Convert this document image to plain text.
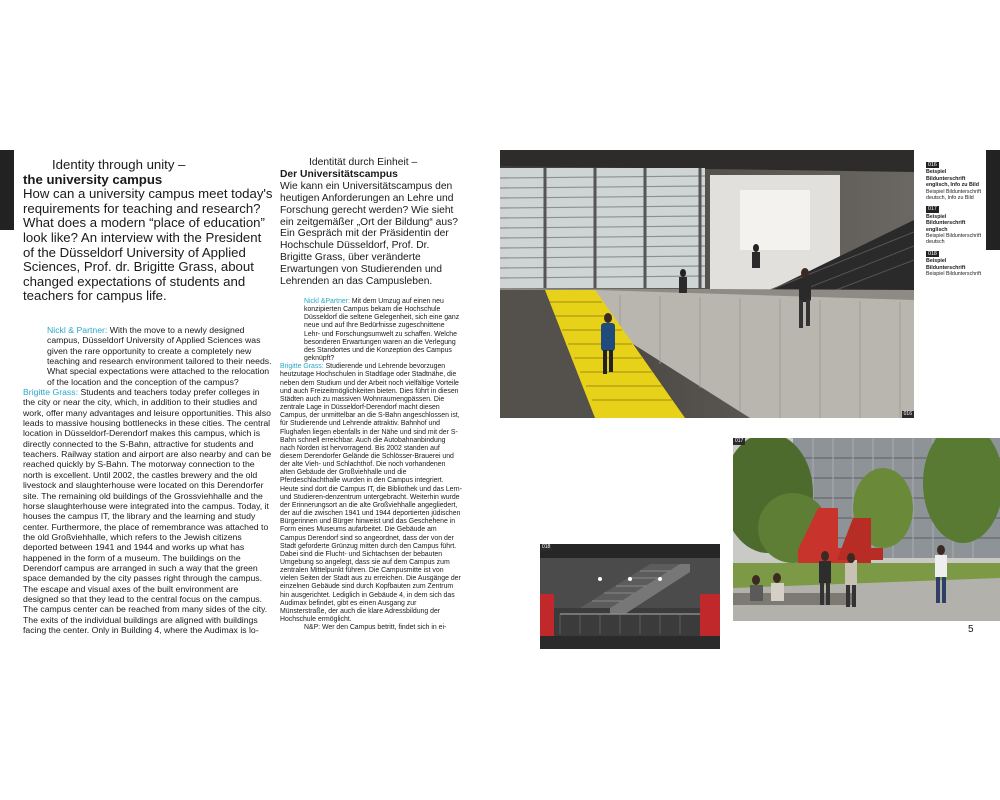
Identity through unity –
the university campus
How can a university campus meet today's requirements for teaching and research? What does a modern “place of education” look like? An interview with the President of the Düsseldorf University of Applied Sciences, Prof. dr. Brigitte Grass, about changed expectations of students and teachers for campus life.

Nickl & Partner: With the move to a newly designed campus, Düsseldorf University of Applied Sciences was given the rare opportunity to create a completely new teaching and research environment tailored to their needs. What special expectations were attached to the relocation of the location and the conception of the campus?

Brigitte Grass: Students and teachers today prefer colleges in the city or near the city, which, in addition to their studies and work, offer many advantages and leisure opportunities. This also leads to massive housing bottlenecks in these cities. The central location in Düsseldorf-Derendorf makes this campus, which is directly connected to the S-Bahn, attractive for students and teachers. Railway station and airport are also nearby and can be reached quickly by S-Bahn. The motorway connection to the north is excellent. Until 2002, the castles brewery and the old livestock and slaughterhouse were located on this Derendorfer site. The remaining old buildings of the Grossviehhalle and the horse slaughterhouse were integrated into the campus. Today, it houses the campus IT, the library and the learning and study center. Furthermore, the place of remembrance was attached to the old Großviehhalle, which refers to the Jewish citizens deported between 1941 and 1944 and works up what has happened in the form of a museum. The buildings on the Derendorf campus are arranged in such a way that the green space demanded by the city passes right through the campus. The escape and visual axes of the built environment are designed so that they lead to the central focus on the campus. The campus center can be reached from many sides of the city. The exits of the individual buildings are aligned with buildings facing the center. Only in Building 4, where the Audimax is lo-

Identität durch Einheit –
Der Universitätscampus
Wie kann ein Universitätscampus den heutigen Anforderungen an Lehre und Forschung gerecht werden? Wie sieht ein zeitgemäßer „Ort der Bildung“ aus? Ein Gespräch mit der Präsidentin der Hochschule Düsseldorf, Prof. Dr. Brigitte Grass, über veränderte Erwartungen von Studierenden und Lehrenden an das Campusleben.

Nickl &Partner: Mit dem Umzug auf einen neu konzipierten Campus bekam die Hochschule Düsseldorf die seltene Gelegenheit, sich eine ganz neue und auf Ihre Bedürfnisse zugeschnittene Lehr- und Forschungsumwelt zu schaffen. Welche besonderen Erwartungen waren an die Verlegung des Standortes und die Konzeption des Campus geknüpft?

Brigitte Grass: Studierende und Lehrende bevorzugen heutzutage Hochschulen in Stadtlage oder Stadtnähe, die neben dem Studium und der Arbeit noch vielfältige Vorteile und auch Freizeitmöglichkeiten bieten. Dies führt in diesen Städten auch zu massiven Wohnraumengpässen. Die zentrale Lage in Düsseldorf-Derendorf macht diesen Campus, der unmittelbar an die S-Bahn angeschlossen ist, für Studierende und Lehrende attraktiv. Bahnhof und Flughafen liegen ebenfalls in der Nähe und sind mit der S-Bahn schnell erreichbar. Auch die Autobahnanbindung nach Norden ist hervorragend. Bis 2002 standen auf diesem Derendorfer Gelände die Schlösser-Brauerei und der alte Vieh- und Schlachthof. Die noch vorhandenen alten Gebäude der Großviehhalle und die Pferdeschlachthalle wurden in den Campus integriert. Heute sind dort die Campus IT, die Bibliothek und das Lern- und Studieren-denzentrum untergebracht. Weiterhin wurde der Erinnerungsort an die alte Großviehhalle angegliedert, der auf die zwischen 1941 und 1944 deportierten jüdischen Bürgerinnen und Bürger hinweist und das Geschehene in Form eines Museums aufarbeitet. Die Gebäude am Campus Derendorf sind so angeordnet, dass der von der Stadt geforderte Grünzug mitten durch den Campus führt. Dabei sind die Flucht- und Sichtachsen der bebauten Umgebung so angelegt, dass sie auf dem Campus zum zentralen Mittelpunkt führen. Die Campusmitte ist von vielen Seiten der Stadt aus zu erreichen. Die Ausgänge der einzelnen Gebäude sind durch Kopfbauten zum Zentrum hin ausgerichtet. Lediglich in Gebäude 4, in dem sich das Audimax befindet, gibt es einen Ausgang zur Münsterstraße, der auch die klare Adressbildung der Hochschule ermöglicht.

N&P: Wer den Campus betritt, findet sich in ei-

016
017
018
016
Beispiel Bildunterschrift englisch, Info zu Bild
Beispiel Bildunterschrift deutsch, Info zu Bild
017
Beispiel Bildunterschrift englisch
Beispiel Bildunterschrift deutsch
018
Beispiel Bildunterschrift
Beispiel Bildunterschrift
5
